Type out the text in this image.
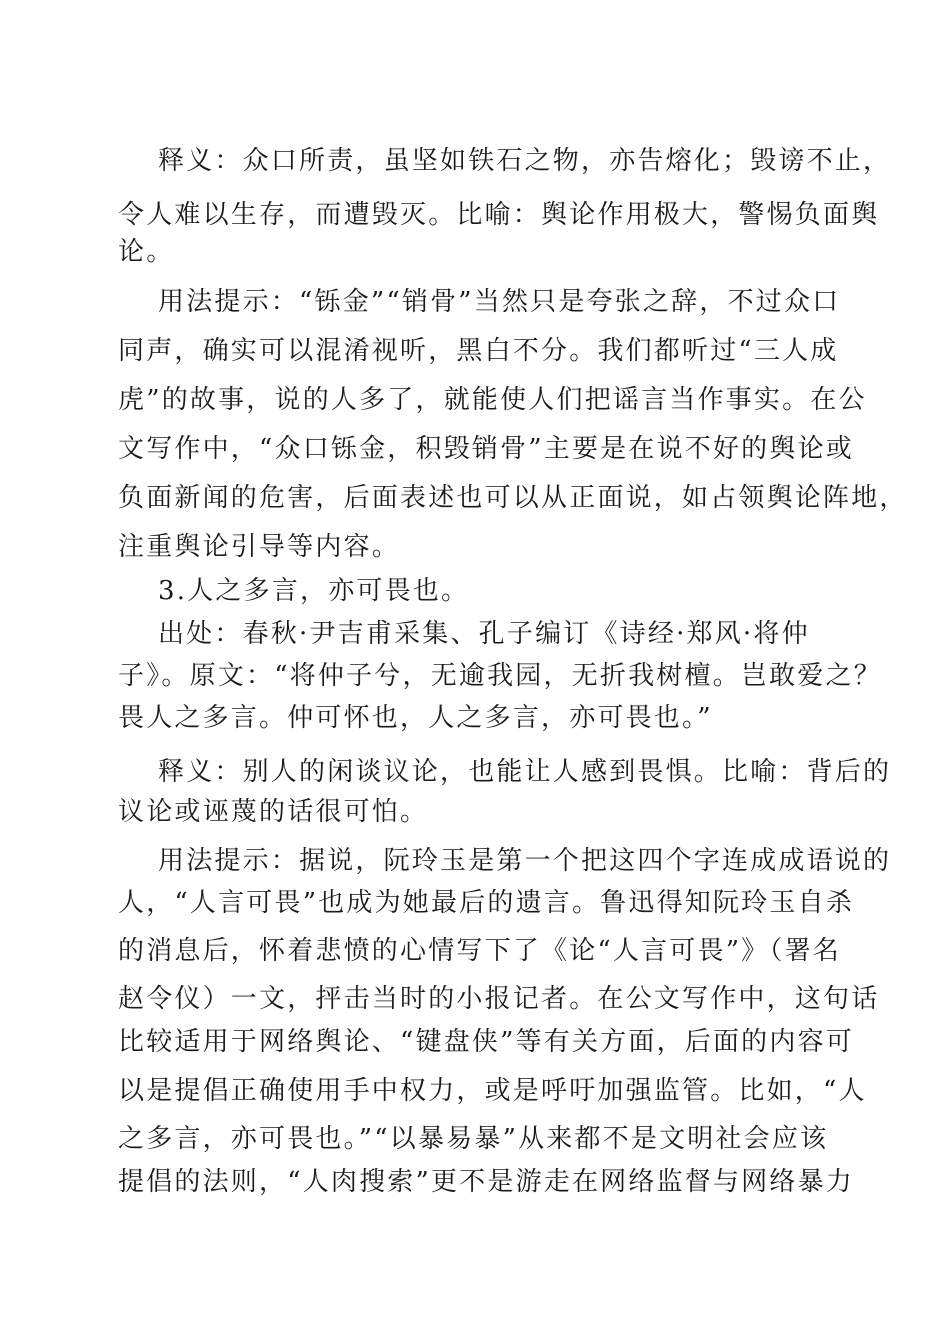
释义：众口所责，虽坚如铁石之物，亦告熔化；毁谤不止，
令人难以生存，而遭毁灭。比喻：舆论作用极大，警惕负面舆
论。
用法提示：“铄金”“销骨”当然只是夸张之辞，不过众口
同声，确实可以混淆视听，黑白不分。我们都听过“三人成
虎”的故事，说的人多了，就能使人们把谣言当作事实。在公
文写作中，“众口铄金，积毁销骨”主要是在说不好的舆论或
负面新闻的危害，后面表述也可以从正面说，如占领舆论阵地，
注重舆论引导等内容。
3.人之多言，亦可畏也。
出处：春秋·尹吉甫采集、孔子编订《诗经·郑风·将仲
子》。原文：“将仲子兮，无逾我园，无折我树檀。岂敢爱之？
畏人之多言。仲可怀也，人之多言，亦可畏也。”
释义：别人的闲谈议论，也能让人感到畏惧。比喻：背后的
议论或诬蔑的话很可怕。
用法提示：据说，阮玲玉是第一个把这四个字连成成语说的
人，“人言可畏”也成为她最后的遗言。鲁迅得知阮玲玉自杀
的消息后，怀着悲愤的心情写下了《论“人言可畏”》（署名
赵令仪）一文，抨击当时的小报记者。在公文写作中，这句话
比较适用于网络舆论、“键盘侠”等有关方面，后面的内容可
以是提倡正确使用手中权力，或是呼吁加强监管。比如，“人
之多言，亦可畏也。”“以暴易暴”从来都不是文明社会应该
提倡的法则，“人肉搜索”更不是游走在网络监督与网络暴力
